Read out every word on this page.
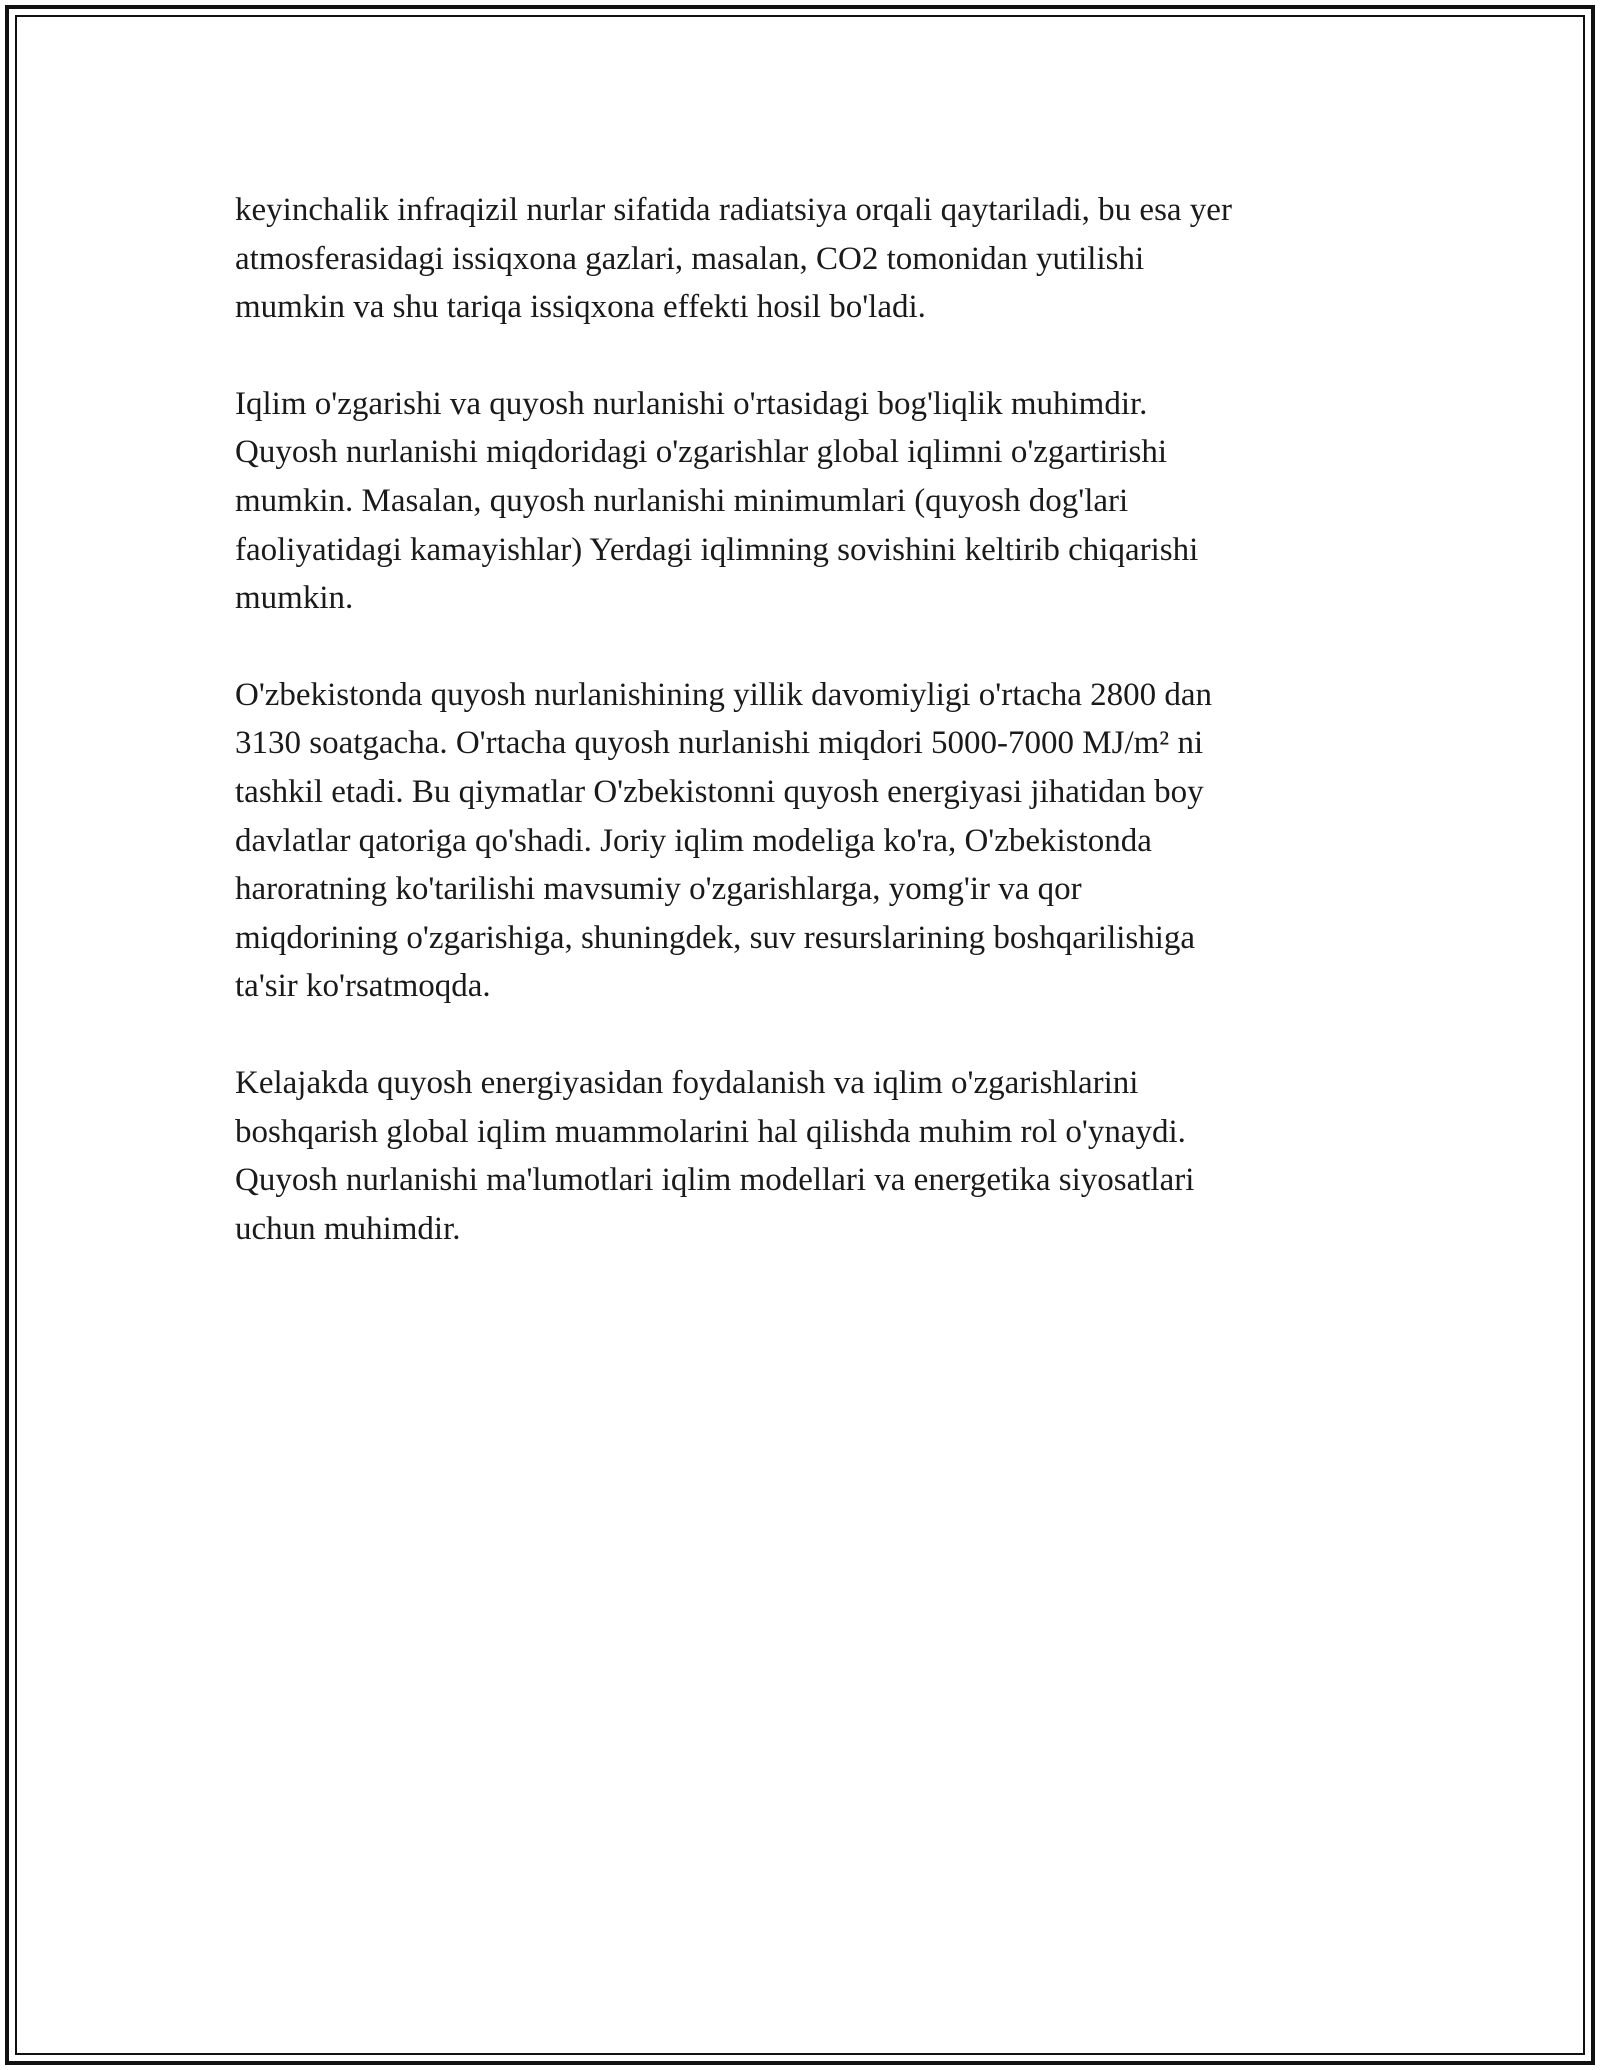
keyinchalik infraqizil nurlar sifatida radiatsiya orqali qaytariladi, bu esa yer
atmosferasidagi issiqxona gazlari, masalan, CO2 tomonidan yutilishi
mumkin va shu tariqa issiqxona effekti hosil bo'ladi.

Iqlim o'zgarishi va quyosh nurlanishi o'rtasidagi bog'liqlik muhimdir.
Quyosh nurlanishi miqdoridagi o'zgarishlar global iqlimni o'zgartirishi
mumkin. Masalan, quyosh nurlanishi minimumlari (quyosh dog'lari
faoliyatidagi kamayishlar) Yerdagi iqlimning sovishini keltirib chiqarishi
mumkin.

O'zbekistonda quyosh nurlanishining yillik davomiyligi o'rtacha 2800 dan
3130 soatgacha. O'rtacha quyosh nurlanishi miqdori 5000-7000 MJ/m² ni
tashkil etadi. Bu qiymatlar O'zbekistonni quyosh energiyasi jihatidan boy
davlatlar qatoriga qo'shadi. Joriy iqlim modeliga ko'ra, O'zbekistonda
haroratning ko'tarilishi mavsumiy o'zgarishlarga, yomg'ir va qor
miqdorining o'zgarishiga, shuningdek, suv resurslarining boshqarilishiga
ta'sir ko'rsatmoqda.

Kelajakda quyosh energiyasidan foydalanish va iqlim o'zgarishlarini
boshqarish global iqlim muammolarini hal qilishda muhim rol o'ynaydi.
Quyosh nurlanishi ma'lumotlari iqlim modellari va energetika siyosatlari
uchun muhimdir.
